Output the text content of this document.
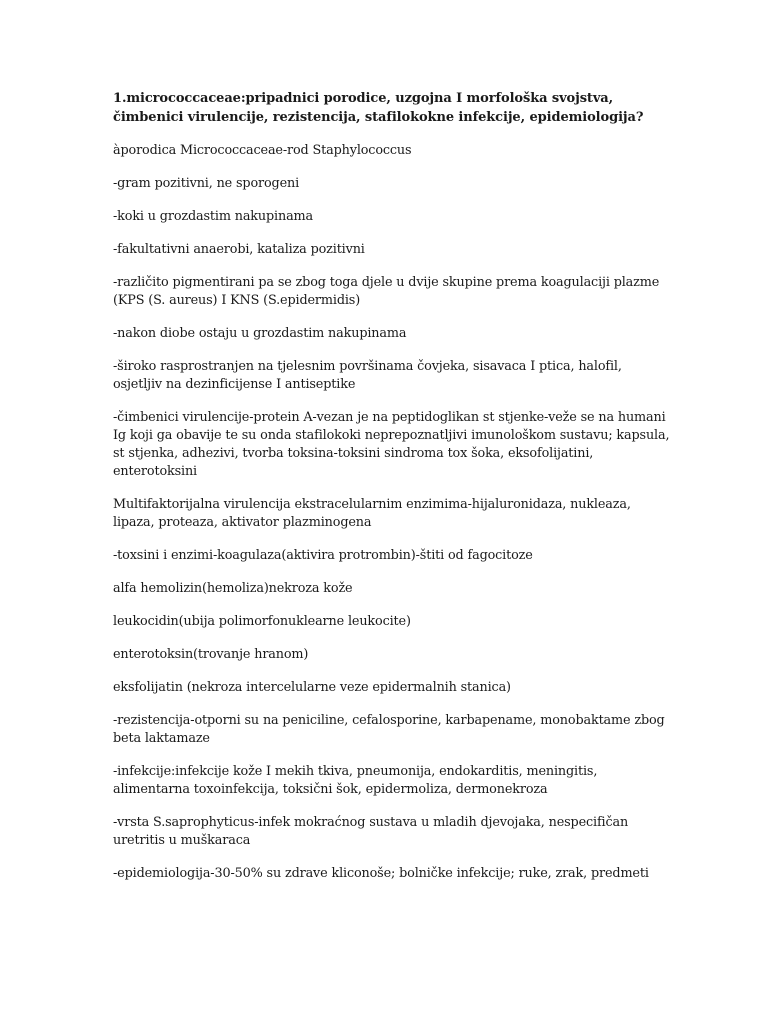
1.micrococcaceae:pripadnici porodice, uzgojna I morfološka svojstva, čimbenici virulencije, rezistencija, stafilokokne infekcije, epidemiologija?

àporodica Micrococcaceae-rod Staphylococcus

-gram pozitivni, ne sporogeni

-koki u grozdastim nakupinama

-fakultativni anaerobi, kataliza pozitivni

-različito pigmentirani pa se zbog toga djele u dvije skupine prema koagulaciji plazme (KPS (S. aureus) I KNS (S.epidermidis)

-nakon diobe ostaju u grozdastim nakupinama

-široko rasprostranjen na tjelesnim površinama čovjeka, sisavaca I ptica, halofil, osjetljiv na dezinficijense I antiseptike

-čimbenici virulencije-protein A-vezan je na peptidoglikan st stjenke-veže se na humani Ig koji ga obavije te su onda stafilokoki neprepoznatljivi imunološkom sustavu; kapsula, st stjenka, adhezivi, tvorba toksina-toksini sindroma tox šoka, eksofolijatini, enterotoksini

Multifaktorijalna virulencija ekstracelularnim enzimima-hijaluronidaza, nukleaza, lipaza, proteaza, aktivator plazminogena

-toxsini i enzimi-koagulaza(aktivira protrombin)-štiti od fagocitoze

alfa hemolizin(hemoliza)nekroza kože

leukocidin(ubija polimorfonuklearne leukocite)

enterotoksin(trovanje hranom)

eksfolijatin (nekroza intercelularne veze epidermalnih stanica)

-rezistencija-otporni su na peniciline, cefalosporine, karbapename, monobaktame zbog beta laktamaze

-infekcije:infekcije kože I mekih tkiva, pneumonija, endokarditis, meningitis, alimentarna toxoinfekcija, toksični šok, epidermoliza, dermonekroza

-vrsta S.saprophyticus-infek mokraćnog sustava u mladih djevojaka, nespecifičan uretritis u muškaraca

-epidemiologija-30-50% su zdrave kliconoše; bolničke infekcije; ruke, zrak, predmeti
